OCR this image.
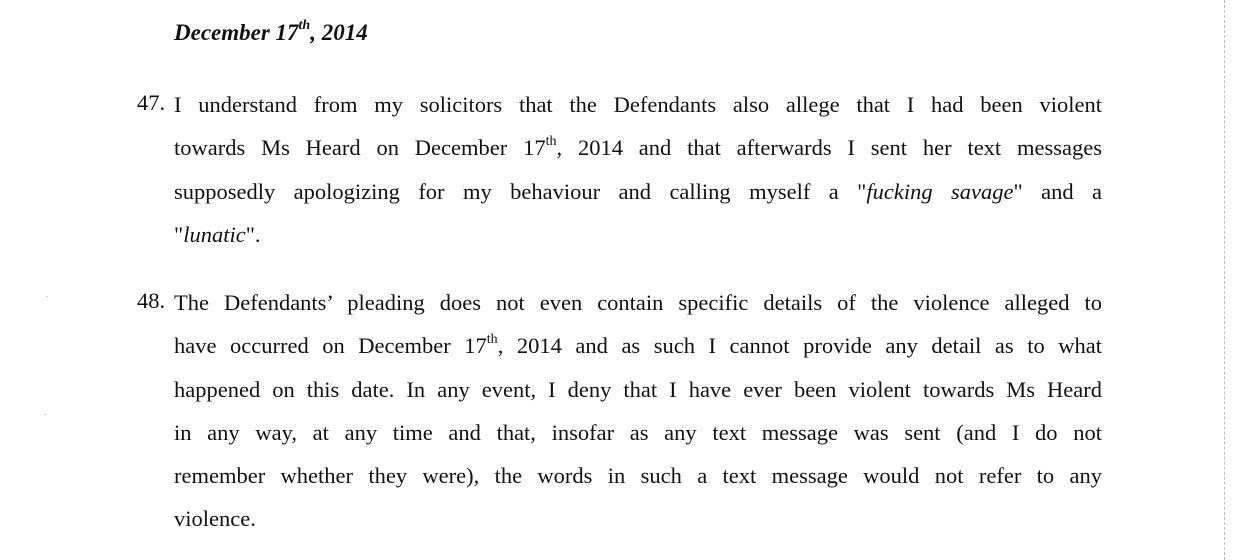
December 17th, 2014
47. I understand from my solicitors that the Defendants also allege that I had been violent
towards Ms Heard on December 17th, 2014 and that afterwards I sent her text messages
supposedly apologizing for my behaviour and calling myself a "fucking savage" and a
"lunatic".
48. The Defendants’ pleading does not even contain specific details of the violence alleged to
have occurred on December 17th, 2014 and as such I cannot provide any detail as to what
happened on this date. In any event, I deny that I have ever been violent towards Ms Heard
in any way, at any time and that, insofar as any text message was sent (and I do not
remember whether they were), the words in such a text message would not refer to any
violence.
